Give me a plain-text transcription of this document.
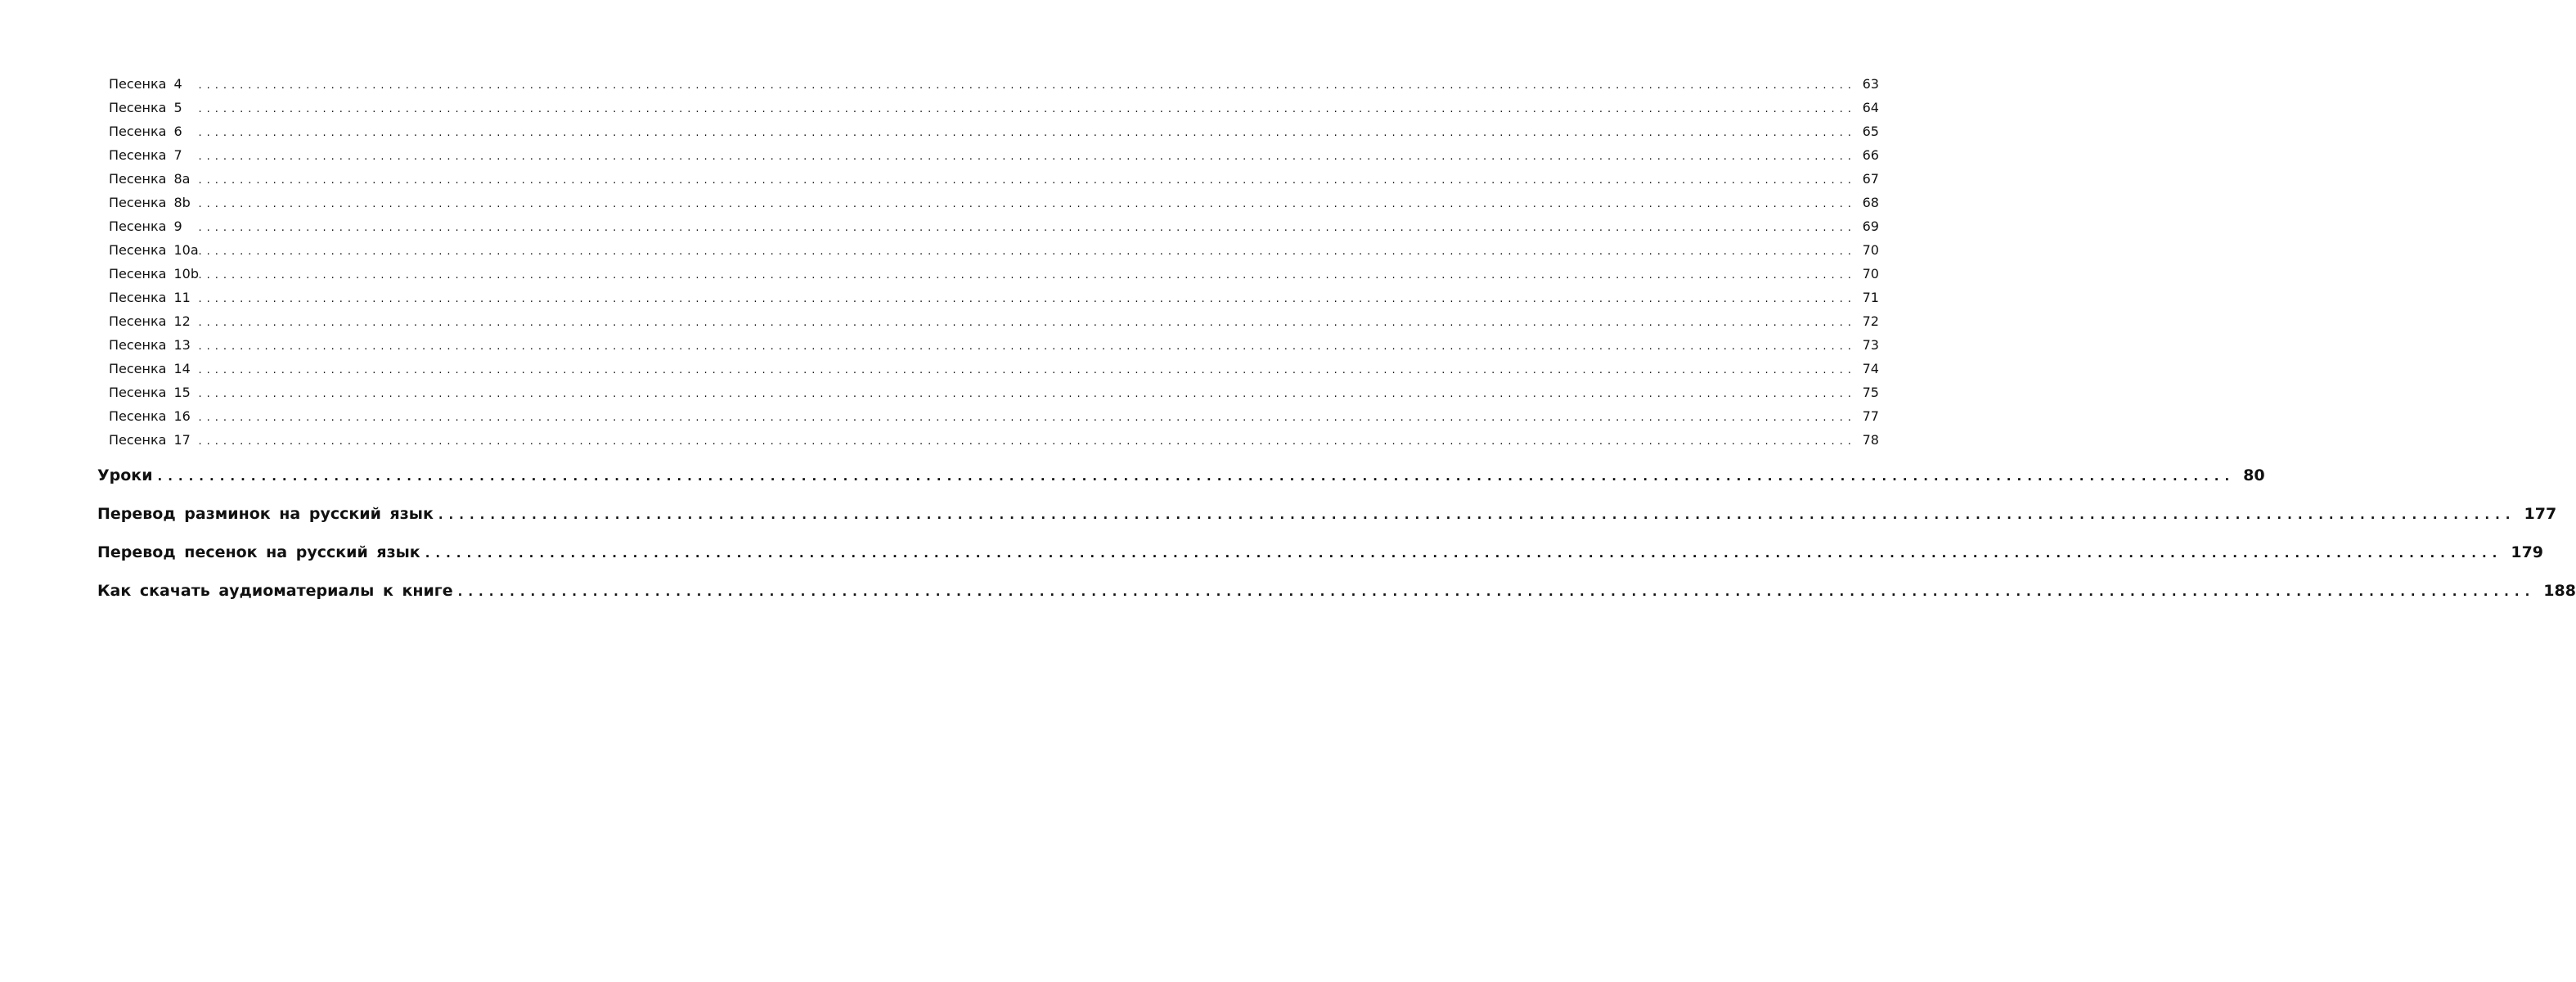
Песенка 4	........................................................................................................................................................................................................ 63
Песенка 5	........................................................................................................................................................................................................ 64
Песенка 6	........................................................................................................................................................................................................ 65
Песенка 7	........................................................................................................................................................................................................ 66
Песенка 8a ........................................................................................................................................................................................................ 67
Песенка 8b ........................................................................................................................................................................................................ 68
Песенка 9	........................................................................................................................................................................................................ 69
Песенка 10a ........................................................................................................................................................................................................ 70
Песенка 10b ........................................................................................................................................................................................................ 70
Песенка 11 ........................................................................................................................................................................................................ 71
Песенка 12 ........................................................................................................................................................................................................ 72
Песенка 13 ........................................................................................................................................................................................................ 73
Песенка 14 ........................................................................................................................................................................................................ 74
Песенка 15 ........................................................................................................................................................................................................ 75
Песенка 16 ........................................................................................................................................................................................................ 77
Песенка 17 ........................................................................................................................................................................................................ 78
Уроки ........................................................................................................................................................................................................ 80
Перевод разминок на русский язык ........................................................................................................................................................................................................ 177
Перевод песенок на русский язык ........................................................................................................................................................................................................ 179
Как скачать аудиоматериалы к книге ........................................................................................................................................................................................................ 188
